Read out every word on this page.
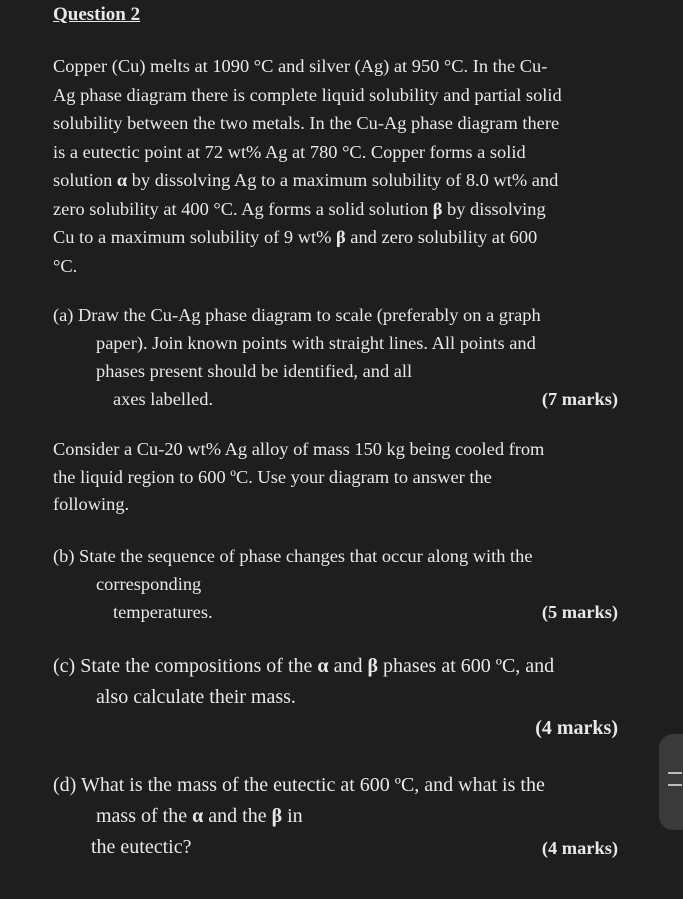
Question 2
Copper (Cu) melts at 1090 °C and silver (Ag) at 950 °C. In the Cu-
Ag phase diagram there is complete liquid solubility and partial solid
solubility between the two metals. In the Cu-Ag phase diagram there
is a eutectic point at 72 wt% Ag at 780 °C. Copper forms a solid
solution α by dissolving Ag to a maximum solubility of 8.0 wt% and
zero solubility at 400 °C. Ag forms a solid solution β by dissolving
Cu to a maximum solubility of 9 wt% β and zero solubility at 600
°C.
(a) Draw the Cu-Ag phase diagram to scale (preferably on a graph
paper). Join known points with straight lines. All points and
phases present should be identified, and all
axes labelled.	(7 marks)
Consider a Cu-20 wt% Ag alloy of mass 150 kg being cooled from
the liquid region to 600 ºC. Use your diagram to answer the
following.
(b) State the sequence of phase changes that occur along with the
corresponding
temperatures.	(5 marks)
(c) State the compositions of the α and β phases at 600 ºC, and
also calculate their mass.
(4 marks)
(d) What is the mass of the eutectic at 600 ºC, and what is the
mass of the α and the β in
the eutectic?	(4 marks)
